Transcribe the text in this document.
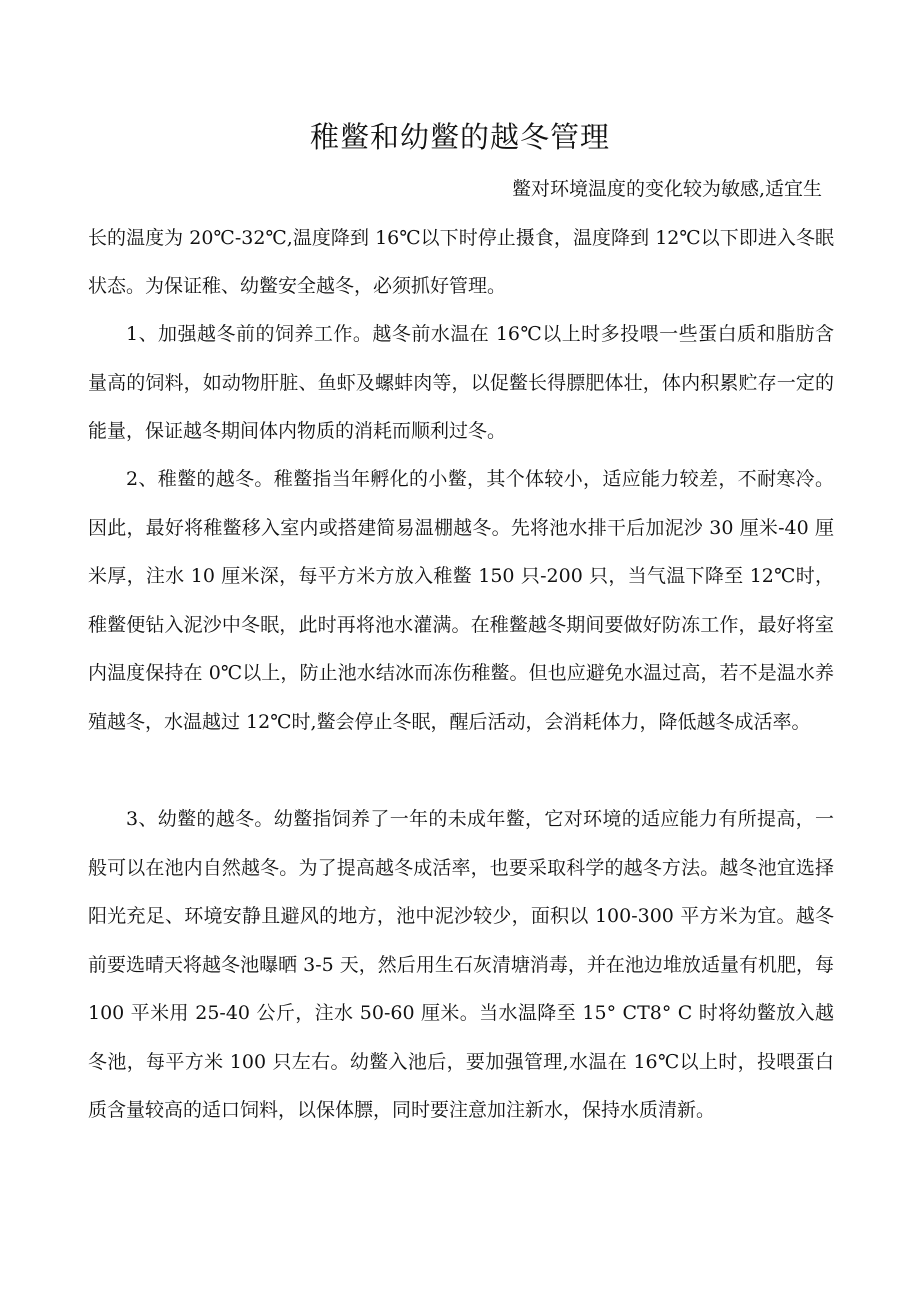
稚鳖和幼鳖的越冬管理

鳖对环境温度的变化较为敏感,适宜生
长的温度为 20℃-32℃,温度降到 16℃以下时停止摄食，温度降到 12℃以下即进入冬眠状态。为保证稚、幼鳖安全越冬，必须抓好管理。

1、加强越冬前的饲养工作。越冬前水温在 16℃以上时多投喂一些蛋白质和脂肪含量高的饲料，如动物肝脏、鱼虾及螺蚌肉等，以促鳖长得膘肥体壮，体内积累贮存一定的能量，保证越冬期间体内物质的消耗而顺利过冬。

2、稚鳖的越冬。稚鳖指当年孵化的小鳖，其个体较小，适应能力较差，不耐寒冷。因此，最好将稚鳖移入室内或搭建简易温棚越冬。先将池水排干后加泥沙 30 厘米-40 厘米厚，注水 10 厘米深，每平方米方放入稚鳖 150 只-200 只，当气温下降至 12℃时，稚鳖便钻入泥沙中冬眠，此时再将池水灌满。在稚鳖越冬期间要做好防冻工作，最好将室内温度保持在 0℃以上，防止池水结冰而冻伤稚鳖。但也应避免水温过高，若不是温水养殖越冬，水温越过 12℃时,鳖会停止冬眠，醒后活动，会消耗体力，降低越冬成活率。

3、幼鳖的越冬。幼鳖指饲养了一年的未成年鳖，它对环境的适应能力有所提高，一般可以在池内自然越冬。为了提高越冬成活率，也要采取科学的越冬方法。越冬池宜选择阳光充足、环境安静且避风的地方，池中泥沙较少，面积以 100-300 平方米为宜。越冬前要选晴天将越冬池曝晒 3-5 天，然后用生石灰清塘消毒，并在池边堆放适量有机肥，每 100 平米用 25-40 公斤，注水 50-60 厘米。当水温降至 15° CT8° C 时将幼鳖放入越冬池，每平方米 100 只左右。幼鳖入池后，要加强管理,水温在 16℃以上时，投喂蛋白质含量较高的适口饲料，以保体膘，同时要注意加注新水，保持水质清新。
